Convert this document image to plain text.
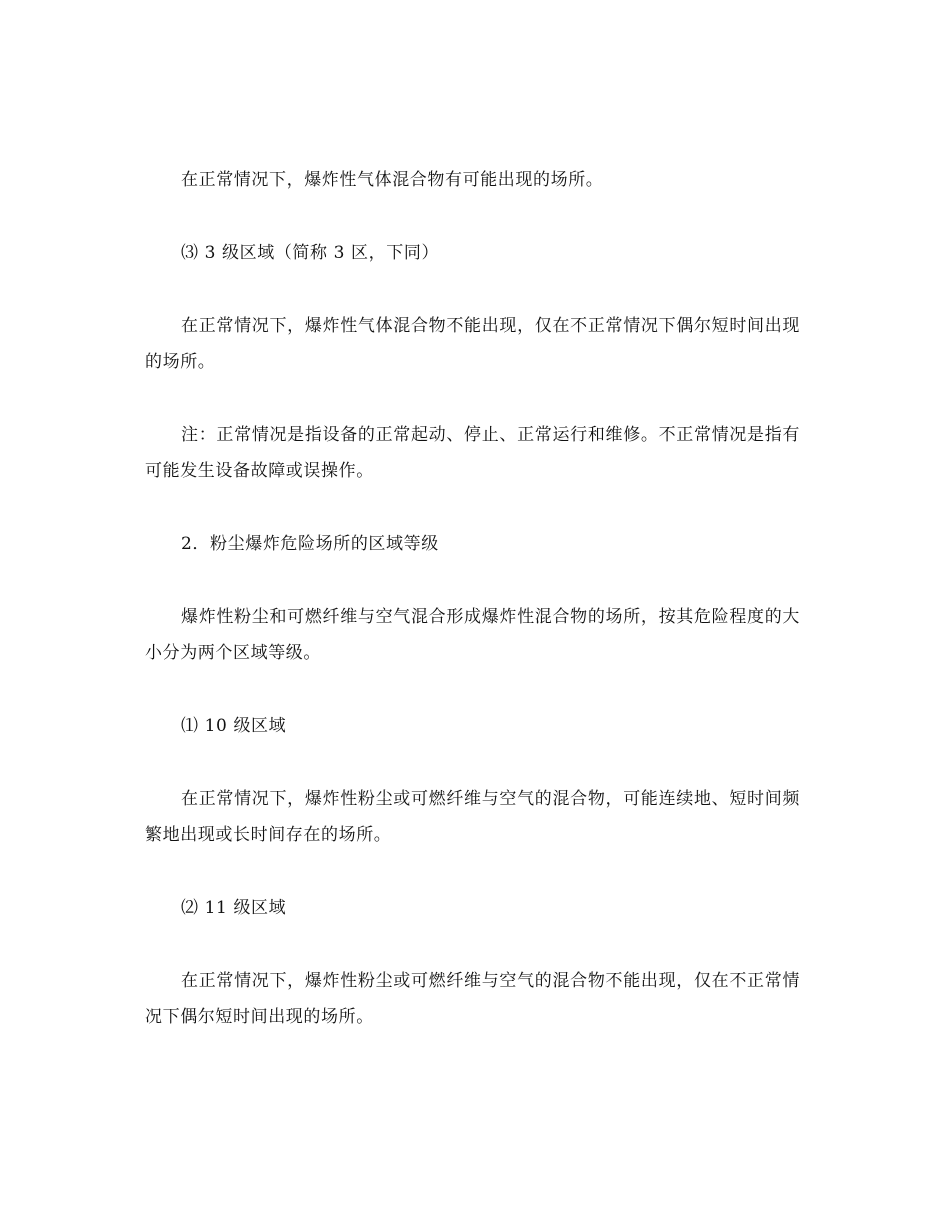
在正常情况下，爆炸性气体混合物有可能出现的场所。

⑶ 3 级区域（简称 3 区，下同）

在正常情况下，爆炸性气体混合物不能出现，仅在不正常情况下偶尔短时间出现的场所。

注：正常情况是指设备的正常起动、停止、正常运行和维修。不正常情况是指有可能发生设备故障或误操作。

2．粉尘爆炸危险场所的区域等级

爆炸性粉尘和可燃纤维与空气混合形成爆炸性混合物的场所，按其危险程度的大小分为两个区域等级。

⑴ 10 级区域

在正常情况下，爆炸性粉尘或可燃纤维与空气的混合物，可能连续地、短时间频繁地出现或长时间存在的场所。

⑵ 11 级区域

在正常情况下，爆炸性粉尘或可燃纤维与空气的混合物不能出现，仅在不正常情况下偶尔短时间出现的场所。
